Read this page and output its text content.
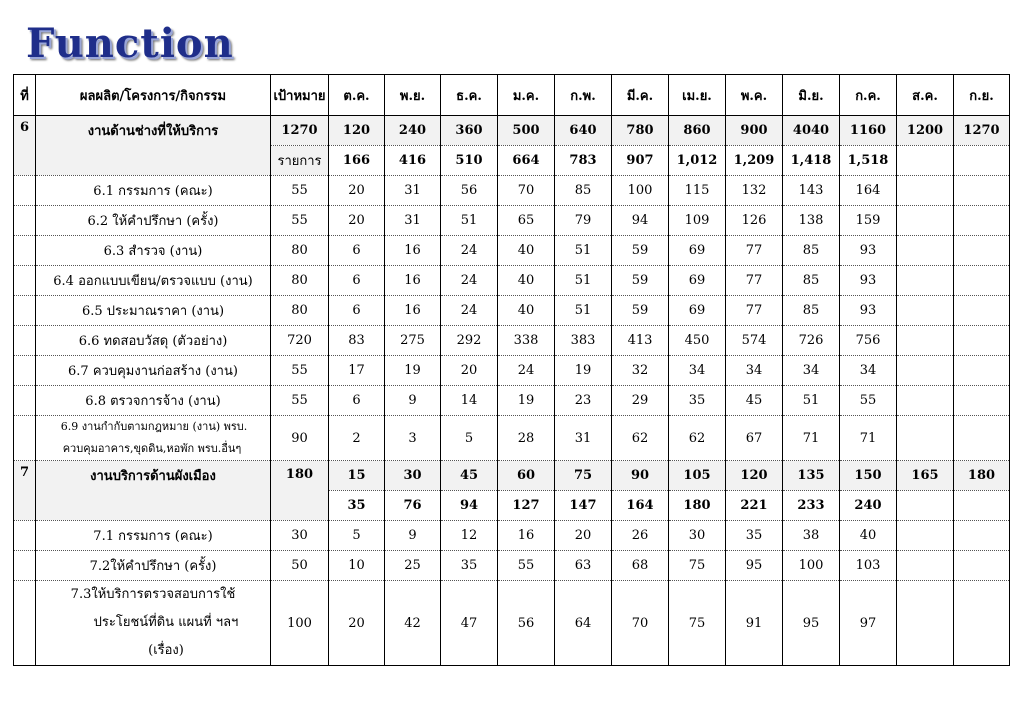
Function
ที่	ผลผลิต/โครงการ/กิจกรรม	เป้าหมาย	ต.ค.	พ.ย.	ธ.ค.	ม.ค.	ก.พ.	มี.ค.	เม.ย.	พ.ค.	มิ.ย.	ก.ค.	ส.ค.	ก.ย.
6	งานด้านช่างที่ให้บริการ	1270	120	240	360	500	640	780	860	900	4040	1160	1200	1270
		รายการ	166	416	510	664	783	907	1,012	1,209	1,418	1,518		
	6.1 กรรมการ (คณะ)	55	20	31	56	70	85	100	115	132	143	164		
	6.2 ให้คำปรึกษา (ครั้ง)	55	20	31	51	65	79	94	109	126	138	159		
	6.3 สำรวจ (งาน)	80	6	16	24	40	51	59	69	77	85	93		
	6.4 ออกแบบเขียน/ตรวจแบบ (งาน)	80	6	16	24	40	51	59	69	77	85	93		
	6.5 ประมาณราคา (งาน)	80	6	16	24	40	51	59	69	77	85	93		
	6.6 ทดสอบวัสดุ (ตัวอย่าง)	720	83	275	292	338	383	413	450	574	726	756		
	6.7 ควบคุมงานก่อสร้าง (งาน)	55	17	19	20	24	19	32	34	34	34	34		
	6.8 ตรวจการจ้าง (งาน)	55	6	9	14	19	23	29	35	45	51	55		

	6.9 งานกำกับตามกฎหมาย (งาน) พรบ.
ควบคุมอาคาร,ขุดดิน,หอพัก พรบ.อื่นๆ	90	2	3	5	28	31	62	62	67	71	71		
7	งานบริการด้านผังเมือง	180	15	30	45	60	75	90	105	120	135	150	165	180
			35	76	94	127	147	164	180	221	233	240		
	7.1 กรรมการ (คณะ)	30	5	9	12	16	20	26	30	35	38	40		
	7.2ให้คำปรึกษา (ครั้ง)	50	10	25	35	55	63	68	75	95	100	103		

	7.3ให้บริการตรวจสอบการใช้
ประโยชน์ที่ดิน แผนที่ ฯลฯ
(เรื่อง)	100	20	42	47	56	64	70	75	91	95	97		
